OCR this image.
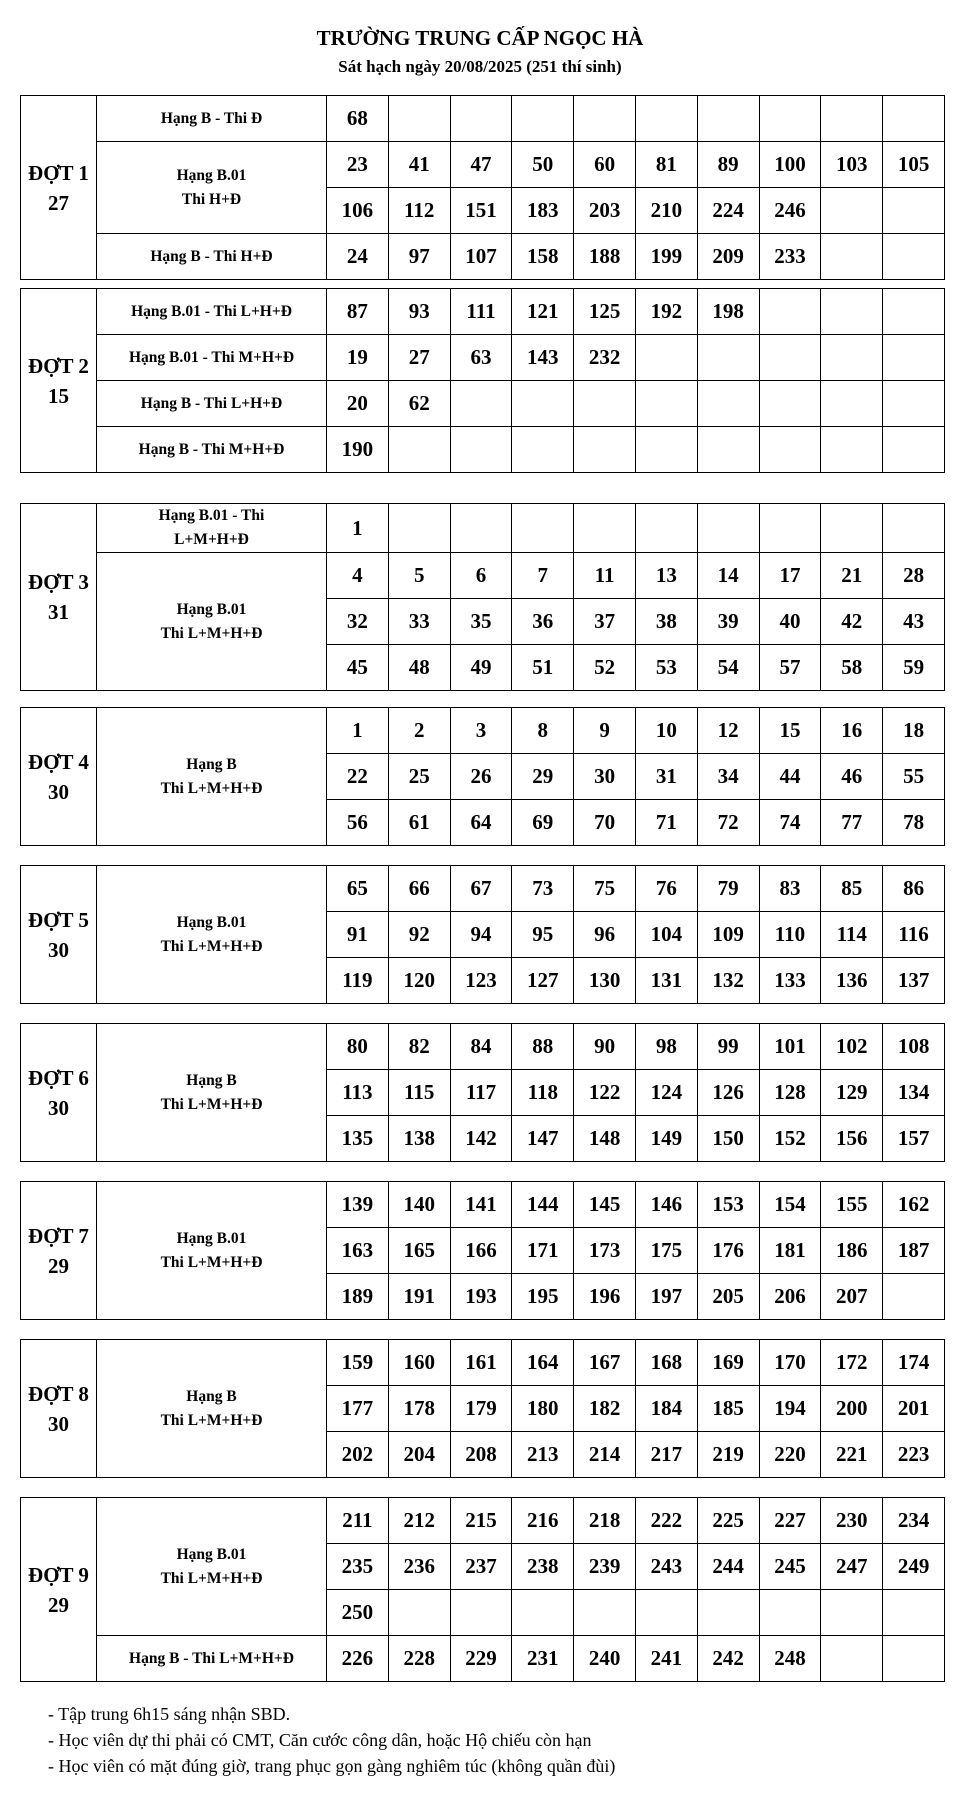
TRƯỜNG TRUNG CẤP NGỌC HÀ
Sát hạch ngày 20/08/2025 (251 thí sinh)
ĐỢT 1
27	Hạng B - Thi Đ	68									

	Hạng B.01
Thi H+Đ	23	41	47	50	60	81	89	100	103	105
		106	112	151	183	203	210	224	246		

	Hạng B - Thi H+Đ	24	97	107	158	188	199	209	233		
ĐỢT 2
15	Hạng B.01 - Thi L+H+Đ	87	93	111	121	125	192	198			

	Hạng B.01 - Thi M+H+Đ	19	27	63	143	232					

	Hạng B - Thi L+H+Đ	20	62								

	Hạng B - Thi M+H+Đ	190									
ĐỢT 3
31	Hạng B.01 - Thi
L+M+H+Đ	1									

	Hạng B.01
Thi L+M+H+Đ	4	5	6	7	11	13	14	17	21	28
		32	33	35	36	37	38	39	40	42	43
		45	48	49	51	52	53	54	57	58	59
ĐỢT 4
30	Hạng B
Thi L+M+H+Đ	1	2	3	8	9	10	12	15	16	18
		22	25	26	29	30	31	34	44	46	55
		56	61	64	69	70	71	72	74	77	78
ĐỢT 5
30	Hạng B.01
Thi L+M+H+Đ	65	66	67	73	75	76	79	83	85	86
		91	92	94	95	96	104	109	110	114	116
		119	120	123	127	130	131	132	133	136	137
ĐỢT 6
30	Hạng B
Thi L+M+H+Đ	80	82	84	88	90	98	99	101	102	108
		113	115	117	118	122	124	126	128	129	134
		135	138	142	147	148	149	150	152	156	157
ĐỢT 7
29	Hạng B.01
Thi L+M+H+Đ	139	140	141	144	145	146	153	154	155	162
		163	165	166	171	173	175	176	181	186	187
		189	191	193	195	196	197	205	206	207	
ĐỢT 8
30	Hạng B
Thi L+M+H+Đ	159	160	161	164	167	168	169	170	172	174
		177	178	179	180	182	184	185	194	200	201
		202	204	208	213	214	217	219	220	221	223
ĐỢT 9
29	Hạng B.01
Thi L+M+H+Đ	211	212	215	216	218	222	225	227	230	234
		235	236	237	238	239	243	244	245	247	249
		250									

	Hạng B - Thi L+M+H+Đ	226	228	229	231	240	241	242	248		
- Tập trung 6h15 sáng nhận SBD.
- Học viên dự thi phải có CMT, Căn cước công dân, hoặc Hộ chiếu còn hạn
- Học viên có mặt đúng giờ, trang phục gọn gàng nghiêm túc (không quần đùi)
